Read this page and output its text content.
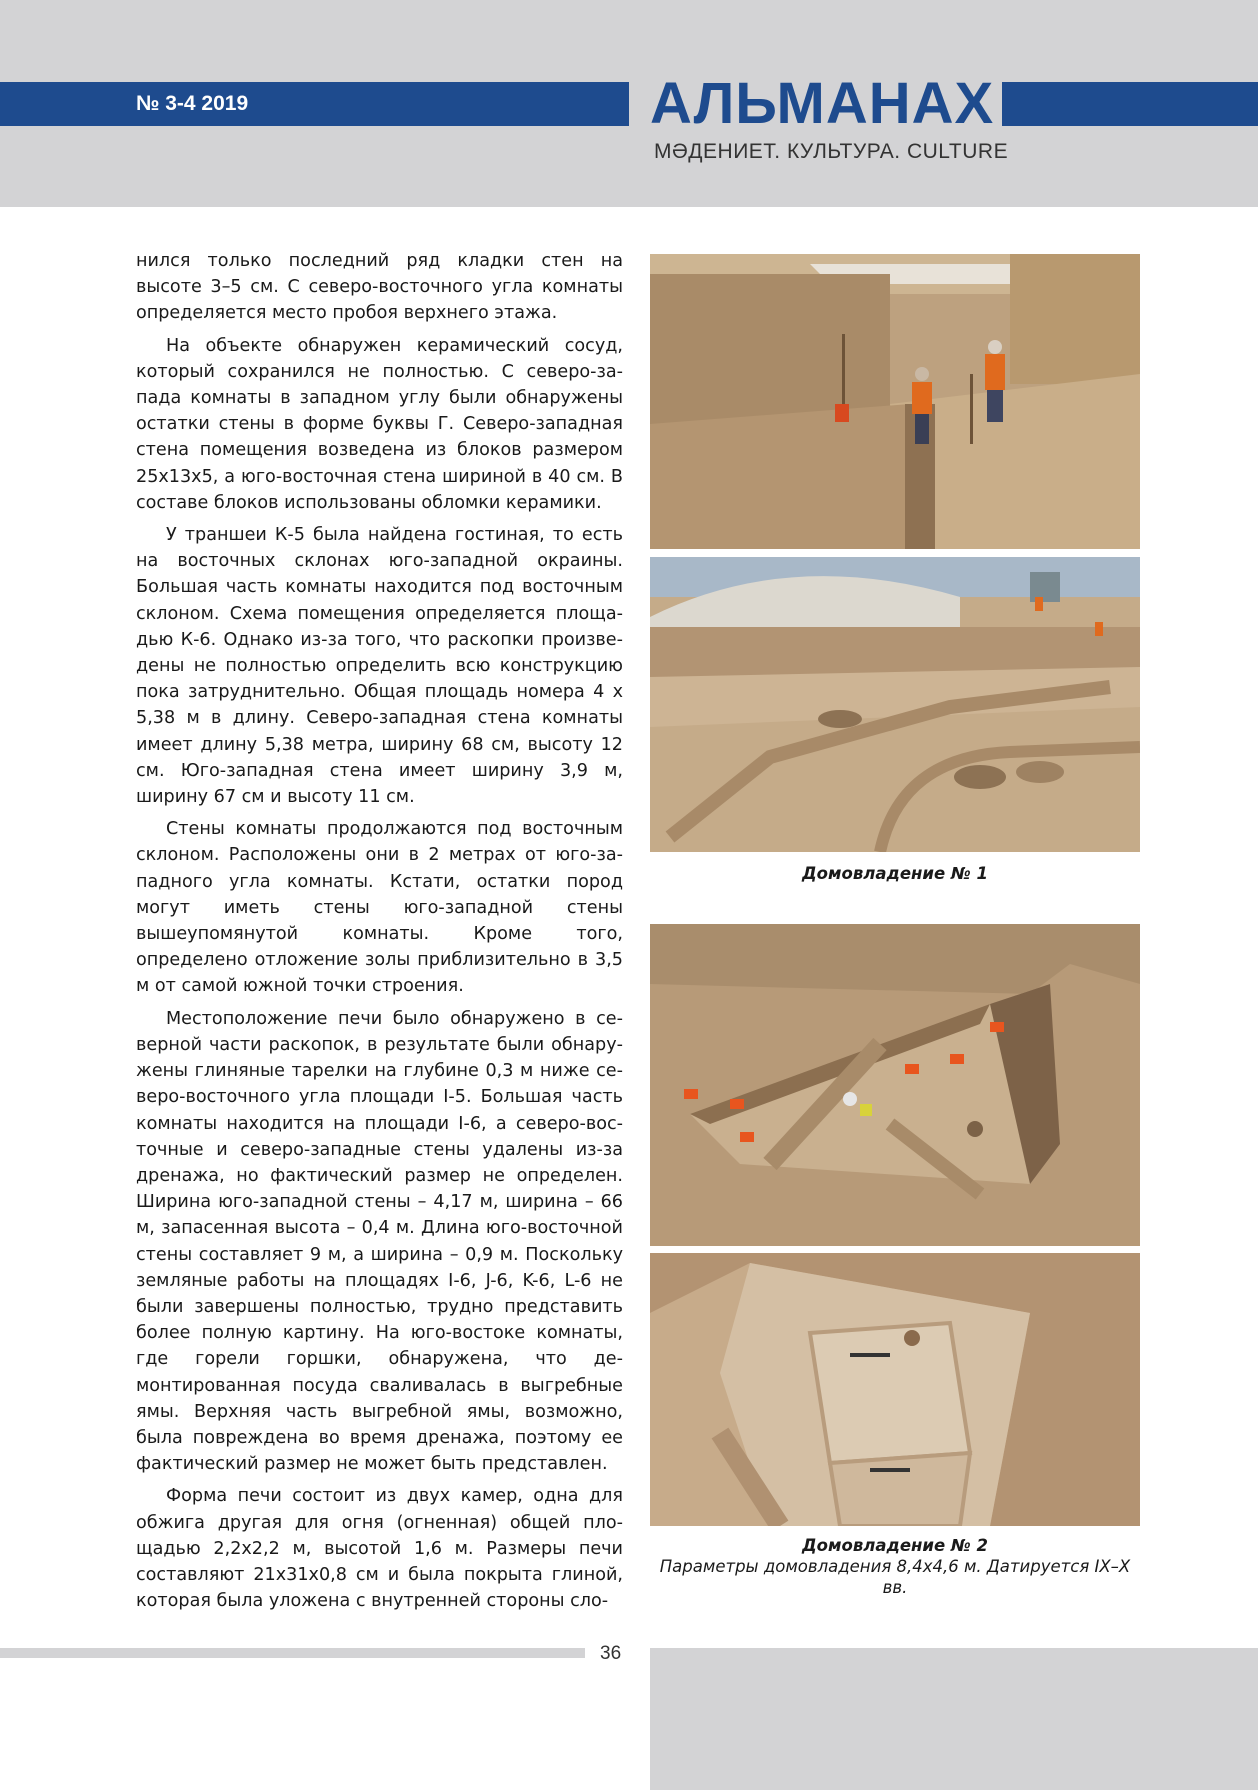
№ 3-4 2019	АЛЬМАНАХ
МӘДЕНИЕТ. КУЛЬТУРА. CULTURE

нился только последний ряд кладки стен на высоте 3–5 см. С северо-восточного угла комнаты определяется место пробоя верхнего этажа.

На объекте обнаружен керамический сосуд, который сохранился не полностью. С северо-запада комнаты в западном углу были обнаружены остатки стены в форме буквы Г. Северо-западная стена помещения возведена из блоков размером 25x13x5, а юго-восточная стена шириной в 40 см. В составе блоков использованы обломки керамики.

У траншеи К-5 была найдена гостиная, то есть на восточных склонах юго-западной окраины. Большая часть комнаты находится под восточным склоном. Схема помещения определяется площадью К-6. Однако из-за того, что раскопки произведены не полностью определить всю конструкцию пока затруднительно. Общая площадь номера 4 х 5,38 м в длину. Северо-западная стена комнаты имеет длину 5,38 метра, ширину 68 см, высоту 12 см. Юго-западная стена имеет ширину 3,9 м, ширину 67 см и высоту 11 см.

Стены комнаты продолжаются под восточным склоном. Расположены они в 2 метрах от юго-западного угла комнаты. Кстати, остатки пород могут иметь стены юго-западной стены вышеупомянутой комнаты. Кроме того, определено отложение золы приблизительно в 3,5 м от самой южной точки строения.

Местоположение печи было обнаружено в северной части раскопок, в результате были обнаружены глиняные тарелки на глубине 0,3 м ниже северо-восточного угла площади I-5. Большая часть комнаты находится на площади I-6, а северо-восточные и северо-западные стены удалены из-за дренажа, но фактический размер не определен. Ширина юго-западной стены – 4,17 м, ширина – 66 м, запасенная высота – 0,4 м. Длина юго-восточной стены составляет 9 м, а ширина – 0,9 м. Поскольку земляные работы на площадях I-6, J-6, K-6, L-6 не были завершены полностью, трудно представить более полную картину. На юго-востоке комнаты, где горели горшки, обнаружена, что демонтированная посуда сваливалась в выгребные ямы. Верхняя часть выгребной ямы, возможно, была повреждена во время дренажа, поэтому ее фактический размер не может быть представлен.

Форма печи состоит из двух камер, одна для обжига другая для огня (огненная) общей площадью 2,2x2,2 м, высотой 1,6 м. Размеры печи составляют 21x31x0,8 см и была покрыта глиной, которая была уложена с внутренней стороны сло-

Домовладение № 1
Домовладение № 2
Параметры домовладения 8,4x4,6 м. Датируется IX–X вв.
36
